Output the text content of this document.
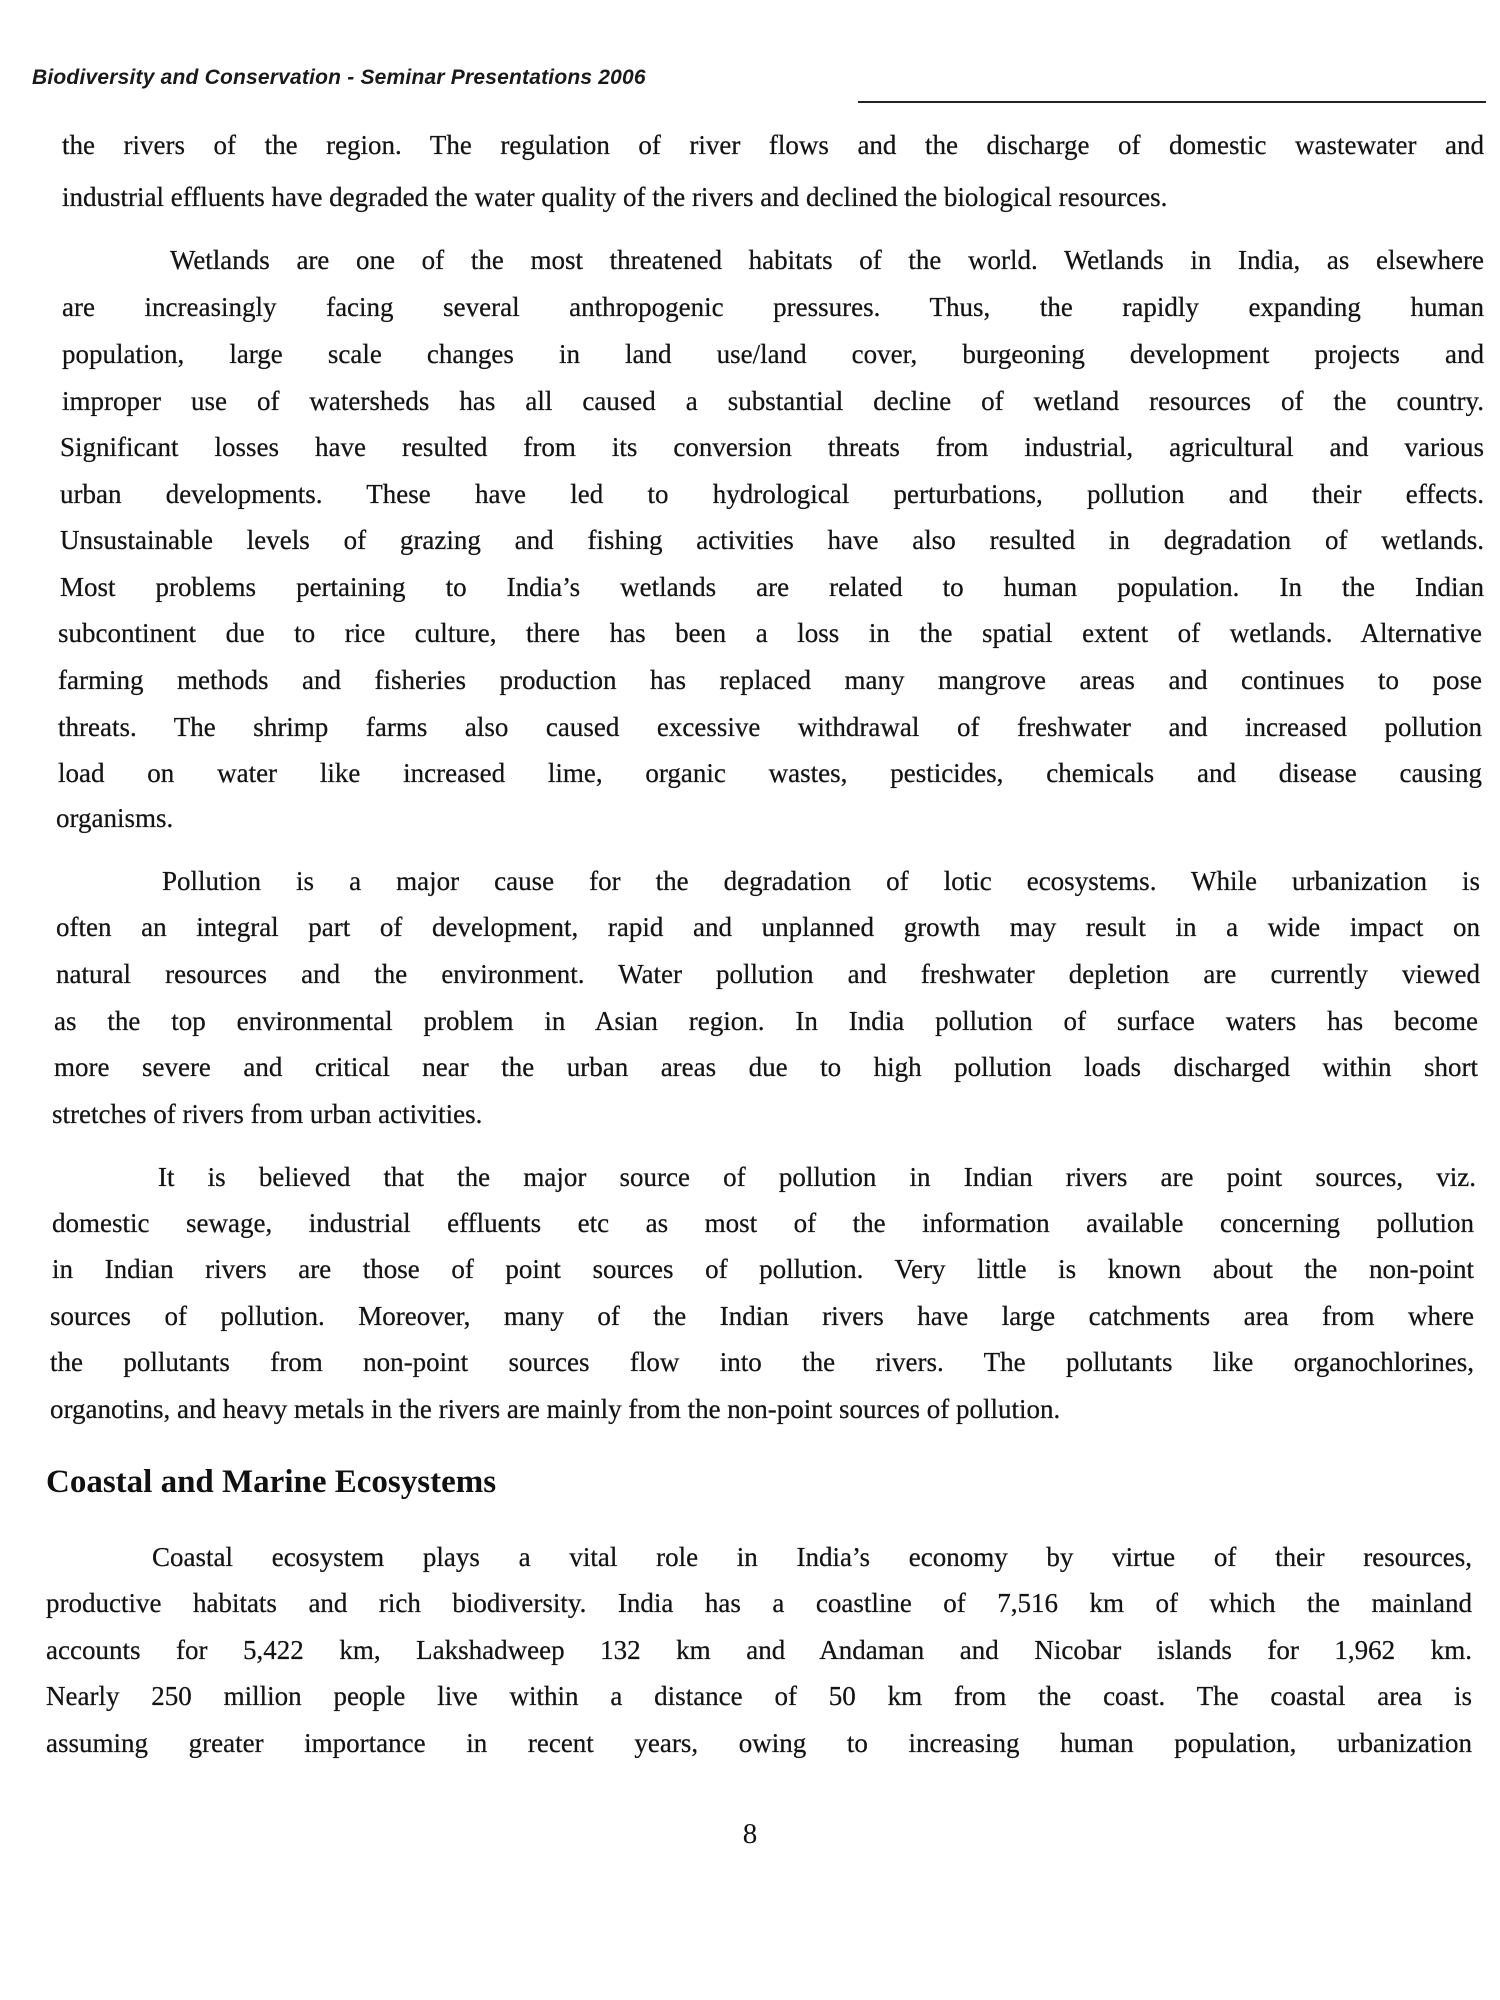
Biodiversity and Conservation - Seminar Presentations 2006
the rivers of the region. The regulation of river flows and the discharge of domestic wastewater and
industrial effluents have degraded the water quality of the rivers and declined the biological resources.
Wetlands are one of the most threatened habitats of the world. Wetlands in India, as elsewhere
are increasingly facing several anthropogenic pressures. Thus, the rapidly expanding human
population, large scale changes in land use/land cover, burgeoning development projects and
improper use of watersheds has all caused a substantial decline of wetland resources of the country.
Significant losses have resulted from its conversion threats from industrial, agricultural and various
urban developments. These have led to hydrological perturbations, pollution and their effects.
Unsustainable levels of grazing and fishing activities have also resulted in degradation of wetlands.
Most problems pertaining to India’s wetlands are related to human population. In the Indian
subcontinent due to rice culture, there has been a loss in the spatial extent of wetlands. Alternative
farming methods and fisheries production has replaced many mangrove areas and continues to pose
threats. The shrimp farms also caused excessive withdrawal of freshwater and increased pollution
load on water like increased lime, organic wastes, pesticides, chemicals and disease causing
organisms.
Pollution is a major cause for the degradation of lotic ecosystems. While urbanization is
often an integral part of development, rapid and unplanned growth may result in a wide impact on
natural resources and the environment. Water pollution and freshwater depletion are currently viewed
as the top environmental problem in Asian region. In India pollution of surface waters has become
more severe and critical near the urban areas due to high pollution loads discharged within short
stretches of rivers from urban activities.
It is believed that the major source of pollution in Indian rivers are point sources, viz.
domestic sewage, industrial effluents etc as most of the information available concerning pollution
in Indian rivers are those of point sources of pollution. Very little is known about the non-point
sources of pollution. Moreover, many of the Indian rivers have large catchments area from where
the pollutants from non-point sources flow into the rivers. The pollutants like organochlorines,
organotins, and heavy metals in the rivers are mainly from the non-point sources of pollution.
Coastal and Marine Ecosystems
Coastal ecosystem plays a vital role in India’s economy by virtue of their resources,
productive habitats and rich biodiversity. India has a coastline of 7,516 km of which the mainland
accounts for 5,422 km, Lakshadweep 132 km and Andaman and Nicobar islands for 1,962 km.
Nearly 250 million people live within a distance of 50 km from the coast. The coastal area is
assuming greater importance in recent years, owing to increasing human population, urbanization
8
